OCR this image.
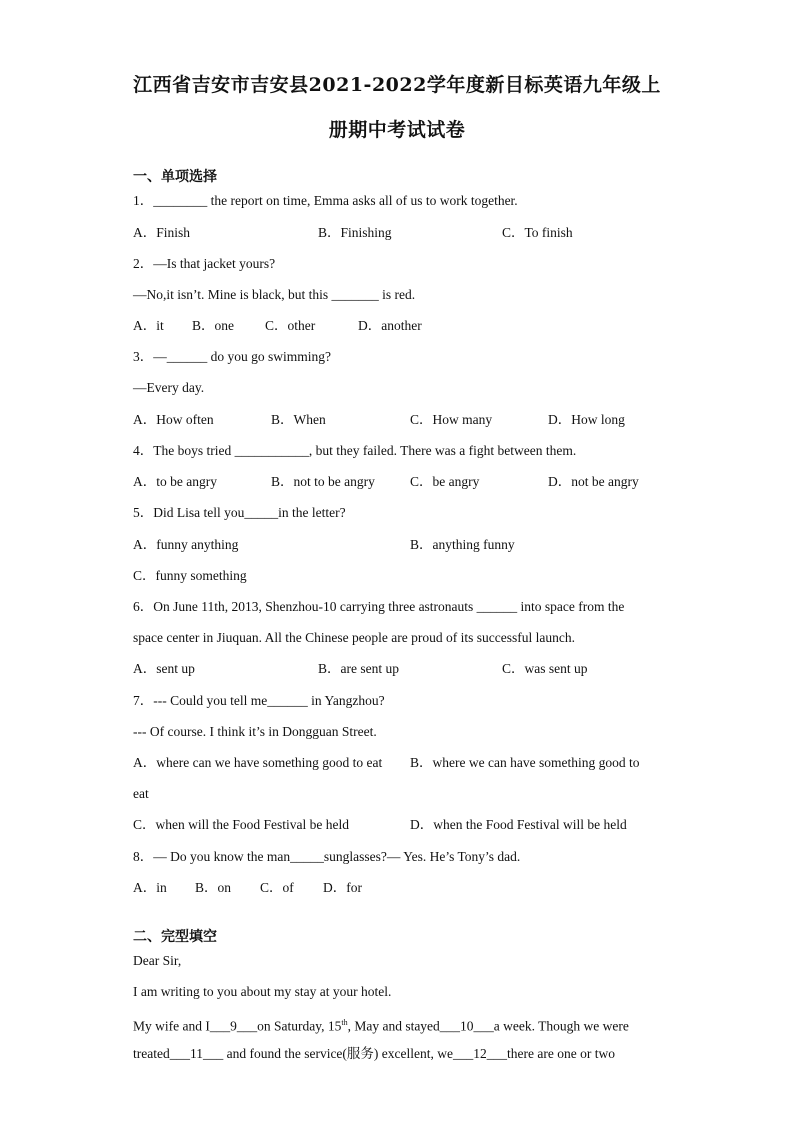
江西省吉安市吉安县2021-2022学年度新目标英语九年级上
册期中考试试卷
一、单项选择
1．________ the report on time, Emma asks all of us to work together.
A．Finish	B．Finishing	C．To finish
2．—Is that jacket yours?
—No,it isn’t. Mine is black, but this _______ is red.
A．it B．one C．other	D．another
3．—______ do you go swimming?
—Every day.
A．How often	B．When	C．How many	D．How long
4．The boys tried ___________, but they failed. There was a fight between them.
A．to be angry	B．not to be angry	C．be angry	D．not be angry
5．Did Lisa tell you_____in the letter?
A．funny anything	B．anything funny
C．funny something
6．On June 11th, 2013, Shenzhou-10 carrying three astronauts ______ into space from the
space center in Jiuquan. All the Chinese people are proud of its successful launch.
A．sent up	B．are sent up	C．was sent up
7．--- Could you tell me______ in Yangzhou?
--- Of course. I think it’s in Dongguan Street.
A．where can we have something good to eat B．where we can have something good to
eat
C．when will the Food Festival be held	D．when the Food Festival will be held
8．— Do you know the man_____sunglasses?— Yes. He’s Tony’s dad.
A．in B．on C．of D．for
二、完型填空
Dear Sir,
I am writing to you about my stay at your hotel.
My wife and I___9___on Saturday, 15th, May and stayed___10___a week. Though we were
treated___11___ and found the service(服务) excellent, we___12___there are one or two
